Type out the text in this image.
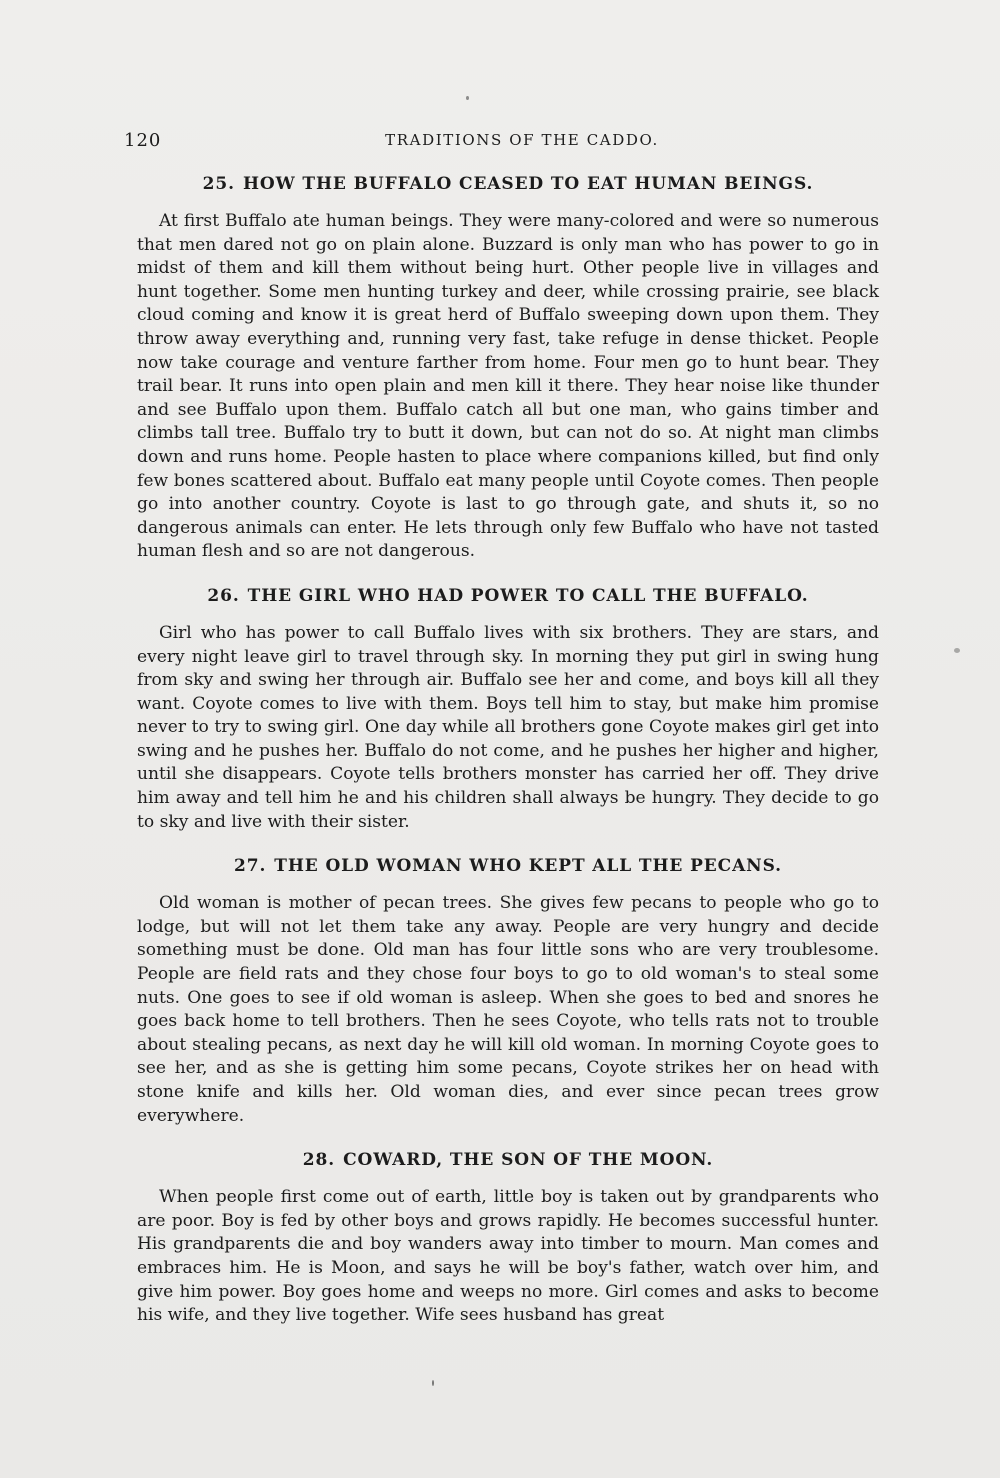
120	TRADITIONS OF THE CADDO.
25. HOW THE BUFFALO CEASED TO EAT HUMAN BEINGS.

At first Buffalo ate human beings. They were many-colored and were so numerous that men dared not go on plain alone. Buzzard is only man who has power to go in midst of them and kill them without being hurt. Other people live in villages and hunt together. Some men hunting turkey and deer, while crossing prairie, see black cloud coming and know it is great herd of Buffalo sweeping down upon them. They throw away everything and, running very fast, take refuge in dense thicket. People now take courage and venture farther from home. Four men go to hunt bear. They trail bear. It runs into open plain and men kill it there. They hear noise like thunder and see Buffalo upon them. Buffalo catch all but one man, who gains timber and climbs tall tree. Buffalo try to butt it down, but can not do so. At night man climbs down and runs home. People hasten to place where companions killed, but find only few bones scattered about. Buffalo eat many people until Coyote comes. Then people go into another country. Coyote is last to go through gate, and shuts it, so no dangerous animals can enter. He lets through only few Buffalo who have not tasted human flesh and so are not dangerous.

26. THE GIRL WHO HAD POWER TO CALL THE BUFFALO.

Girl who has power to call Buffalo lives with six brothers. They are stars, and every night leave girl to travel through sky. In morning they put girl in swing hung from sky and swing her through air. Buffalo see her and come, and boys kill all they want. Coyote comes to live with them. Boys tell him to stay, but make him promise never to try to swing girl. One day while all brothers gone Coyote makes girl get into swing and he pushes her. Buffalo do not come, and he pushes her higher and higher, until she disappears. Coyote tells brothers monster has carried her off. They drive him away and tell him he and his children shall always be hungry. They decide to go to sky and live with their sister.

27. THE OLD WOMAN WHO KEPT ALL THE PECANS.

Old woman is mother of pecan trees. She gives few pecans to people who go to lodge, but will not let them take any away. People are very hungry and decide something must be done. Old man has four little sons who are very troublesome. People are field rats and they chose four boys to go to old woman's to steal some nuts. One goes to see if old woman is asleep. When she goes to bed and snores he goes back home to tell brothers. Then he sees Coyote, who tells rats not to trouble about stealing pecans, as next day he will kill old woman. In morning Coyote goes to see her, and as she is getting him some pecans, Coyote strikes her on head with stone knife and kills her. Old woman dies, and ever since pecan trees grow everywhere.

28. COWARD, THE SON OF THE MOON.

When people first come out of earth, little boy is taken out by grandparents who are poor. Boy is fed by other boys and grows rapidly. He becomes successful hunter. His grandparents die and boy wanders away into timber to mourn. Man comes and embraces him. He is Moon, and says he will be boy's father, watch over him, and give him power. Boy goes home and weeps no more. Girl comes and asks to become his wife, and they live together. Wife sees husband has great
